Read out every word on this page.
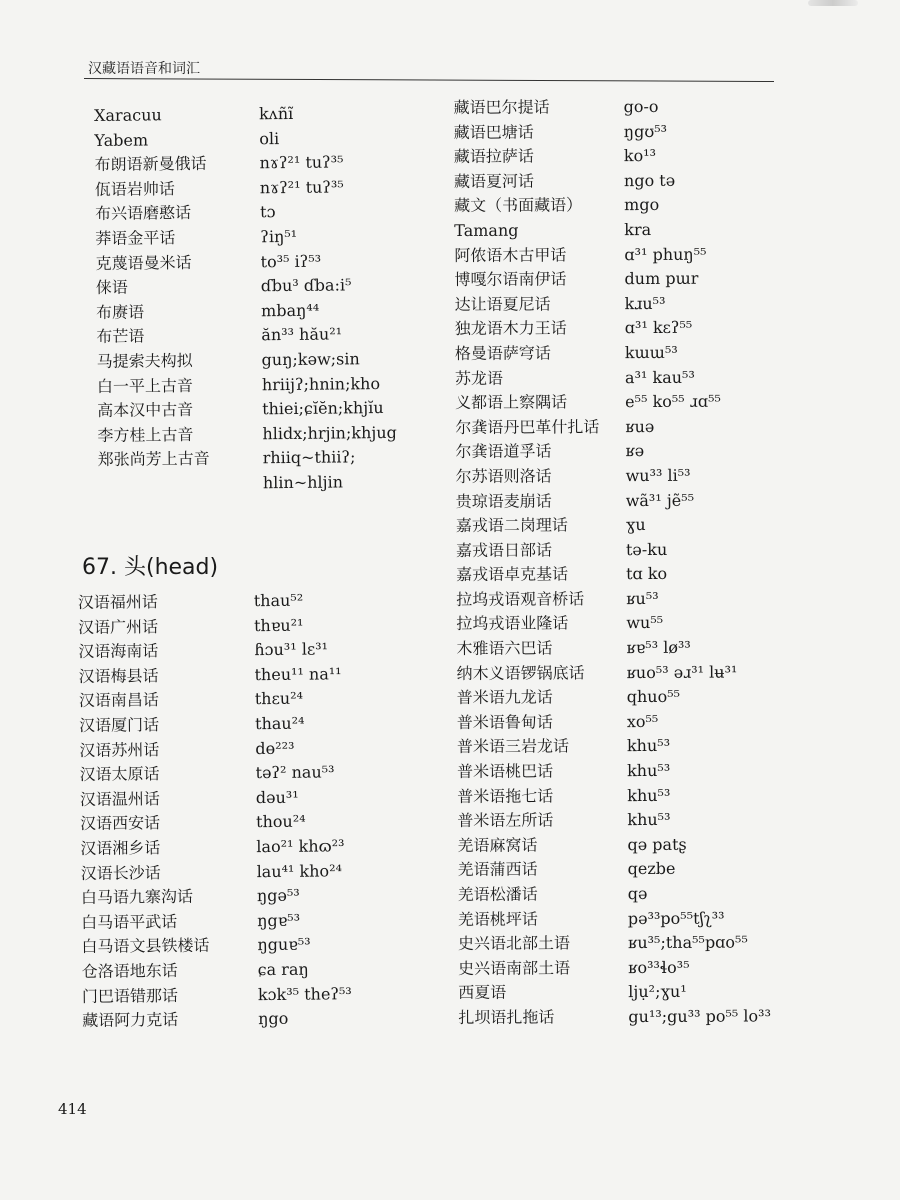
汉藏语语音和词汇
Xaracuu	kʌñĩ
Yabem	oli
布朗语新曼俄话	nɤʔ²¹ tuʔ³⁵
佤语岩帅话	nɤʔ²¹ tuʔ³⁵
布兴语磨憨话	tɔ
莽语金平话	ʔiŋ⁵¹
克蔑语曼米话	to³⁵ iʔ⁵³
俫语	ɗbu³ ɗba:i⁵
布赓语	mbaŋ⁴⁴
布芒语	ăn³³ hău²¹
马提索夫构拟	guŋ;kəw;sin
白一平上古音	hriijʔ;hnin;kho
高本汉中古音	thiei;ɕĭĕn;khjĭu
李方桂上古音	hlidx;hrjin;khjug
郑张尚芳上古音	rhiiq~thiiʔ;
hlin~hljin
67. 头(head)
汉语福州话	thau⁵²
汉语广州话	thɐu²¹
汉语海南话	ɦɔu³¹ lɛ³¹
汉语梅县话	theu¹¹ na¹¹
汉语南昌话	thɛu²⁴
汉语厦门话	thau²⁴
汉语苏州话	dɵ²²³
汉语太原话	təʔ² nau⁵³
汉语温州话	dəu³¹
汉语西安话	thou²⁴
汉语湘乡话	lao²¹ khɷ²³
汉语长沙话	lau⁴¹ kho²⁴
白马语九寨沟话	ŋgə⁵³
白马语平武话	ŋgɐ⁵³
白马语文县铁楼话	ŋguɐ⁵³
仓洛语地东话	ɕa raŋ
门巴语错那话	kɔk³⁵ theʔ⁵³
藏语阿力克话	ŋgo
藏语巴尔提话	go-o
藏语巴塘话	ŋgʊ⁵³
藏语拉萨话	ko¹³
藏语夏河话	ngo tə
藏文（书面藏语）	mgo
Tamang	kra
阿侬语木古甲话	ɑ³¹ phuŋ⁵⁵
博嘎尔语南伊话	dum pɯr
达让语夏尼话	kɹu⁵³
独龙语木力王话	ɑ³¹ kɛʔ⁵⁵
格曼语萨穹话	kɯɯ⁵³
苏龙语	a³¹ kau⁵³
义都语上察隅话	e⁵⁵ ko⁵⁵ ɹɑ⁵⁵
尔龚语丹巴革什扎话 ʁuə
尔龚语道孚话	ʁə
尔苏语则洛话	wu³³ li⁵³
贵琼语麦崩话	wã³¹ jẽ⁵⁵
嘉戎语二岗理话	ɣu
嘉戎语日部话	tə-ku
嘉戎语卓克基话	tɑ ko
拉坞戎语观音桥话	ʁu⁵³
拉坞戎语业隆话	wu⁵⁵
木雅语六巴话	ʁɐ⁵³ lø³³
纳木义语锣锅底话	ʁuo⁵³ əɹ³¹ lʉ³¹
普米语九龙话	qhuo⁵⁵
普米语鲁甸话	xo⁵⁵
普米语三岩龙话	khu⁵³
普米语桃巴话	khu⁵³
普米语拖七话	khu⁵³
普米语左所话	khu⁵³
羌语麻窝话	qə patʂ
羌语蒲西话	qezbe
羌语松潘话	qə
羌语桃坪话	pə³³po⁵⁵tʃʅ³³
史兴语北部土语	ʁu³⁵;tha⁵⁵pɑo⁵⁵
史兴语南部土语	ʁo³³ɬo³⁵
西夏语	ljụ²;ɣu¹
扎坝语扎拖话	gu¹³;gu³³ po⁵⁵ lo³³
414
